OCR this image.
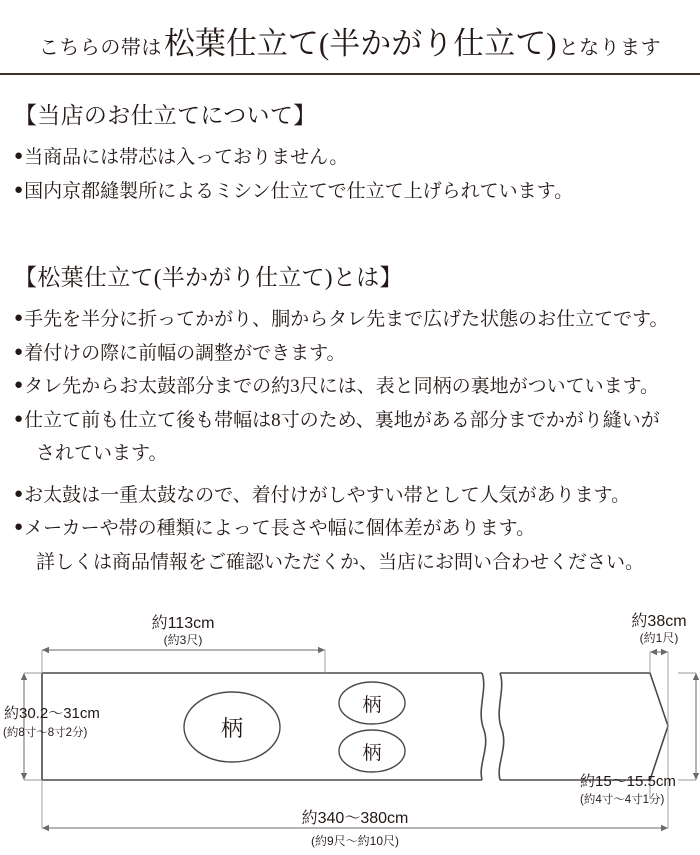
こちらの帯は 松葉仕立て(半かがり仕立て) となります
【当店のお仕立てについて】
● 当商品には帯芯は入っておりません。
● 国内京都縫製所によるミシン仕立てで仕立て上げられています。
【松葉仕立て(半かがり仕立て)とは】
● 手先を半分に折ってかがり、胴からタレ先まで広げた状態のお仕立てです。
● 着付けの際に前幅の調整ができます。
● タレ先からお太鼓部分までの約3尺には、表と同柄の裏地がついています。
● 仕立て前も仕立て後も帯幅は8寸のため、裏地がある部分までかがり縫いが
されています。
● お太鼓は一重太鼓なので、着付けがしやすい帯として人気があります。
● メーカーや帯の種類によって長さや幅に個体差があります。
詳しくは商品情報をご確認いただくか、当店にお問い合わせください。
柄
柄
柄
約113cm
(約3尺)
約30.2〜31cm
(約8寸〜8寸2分)
約38cm
(約1尺)
約15〜15.5cm
(約4寸〜4寸1分)
約340〜380cm
(約9尺〜約10尺)
